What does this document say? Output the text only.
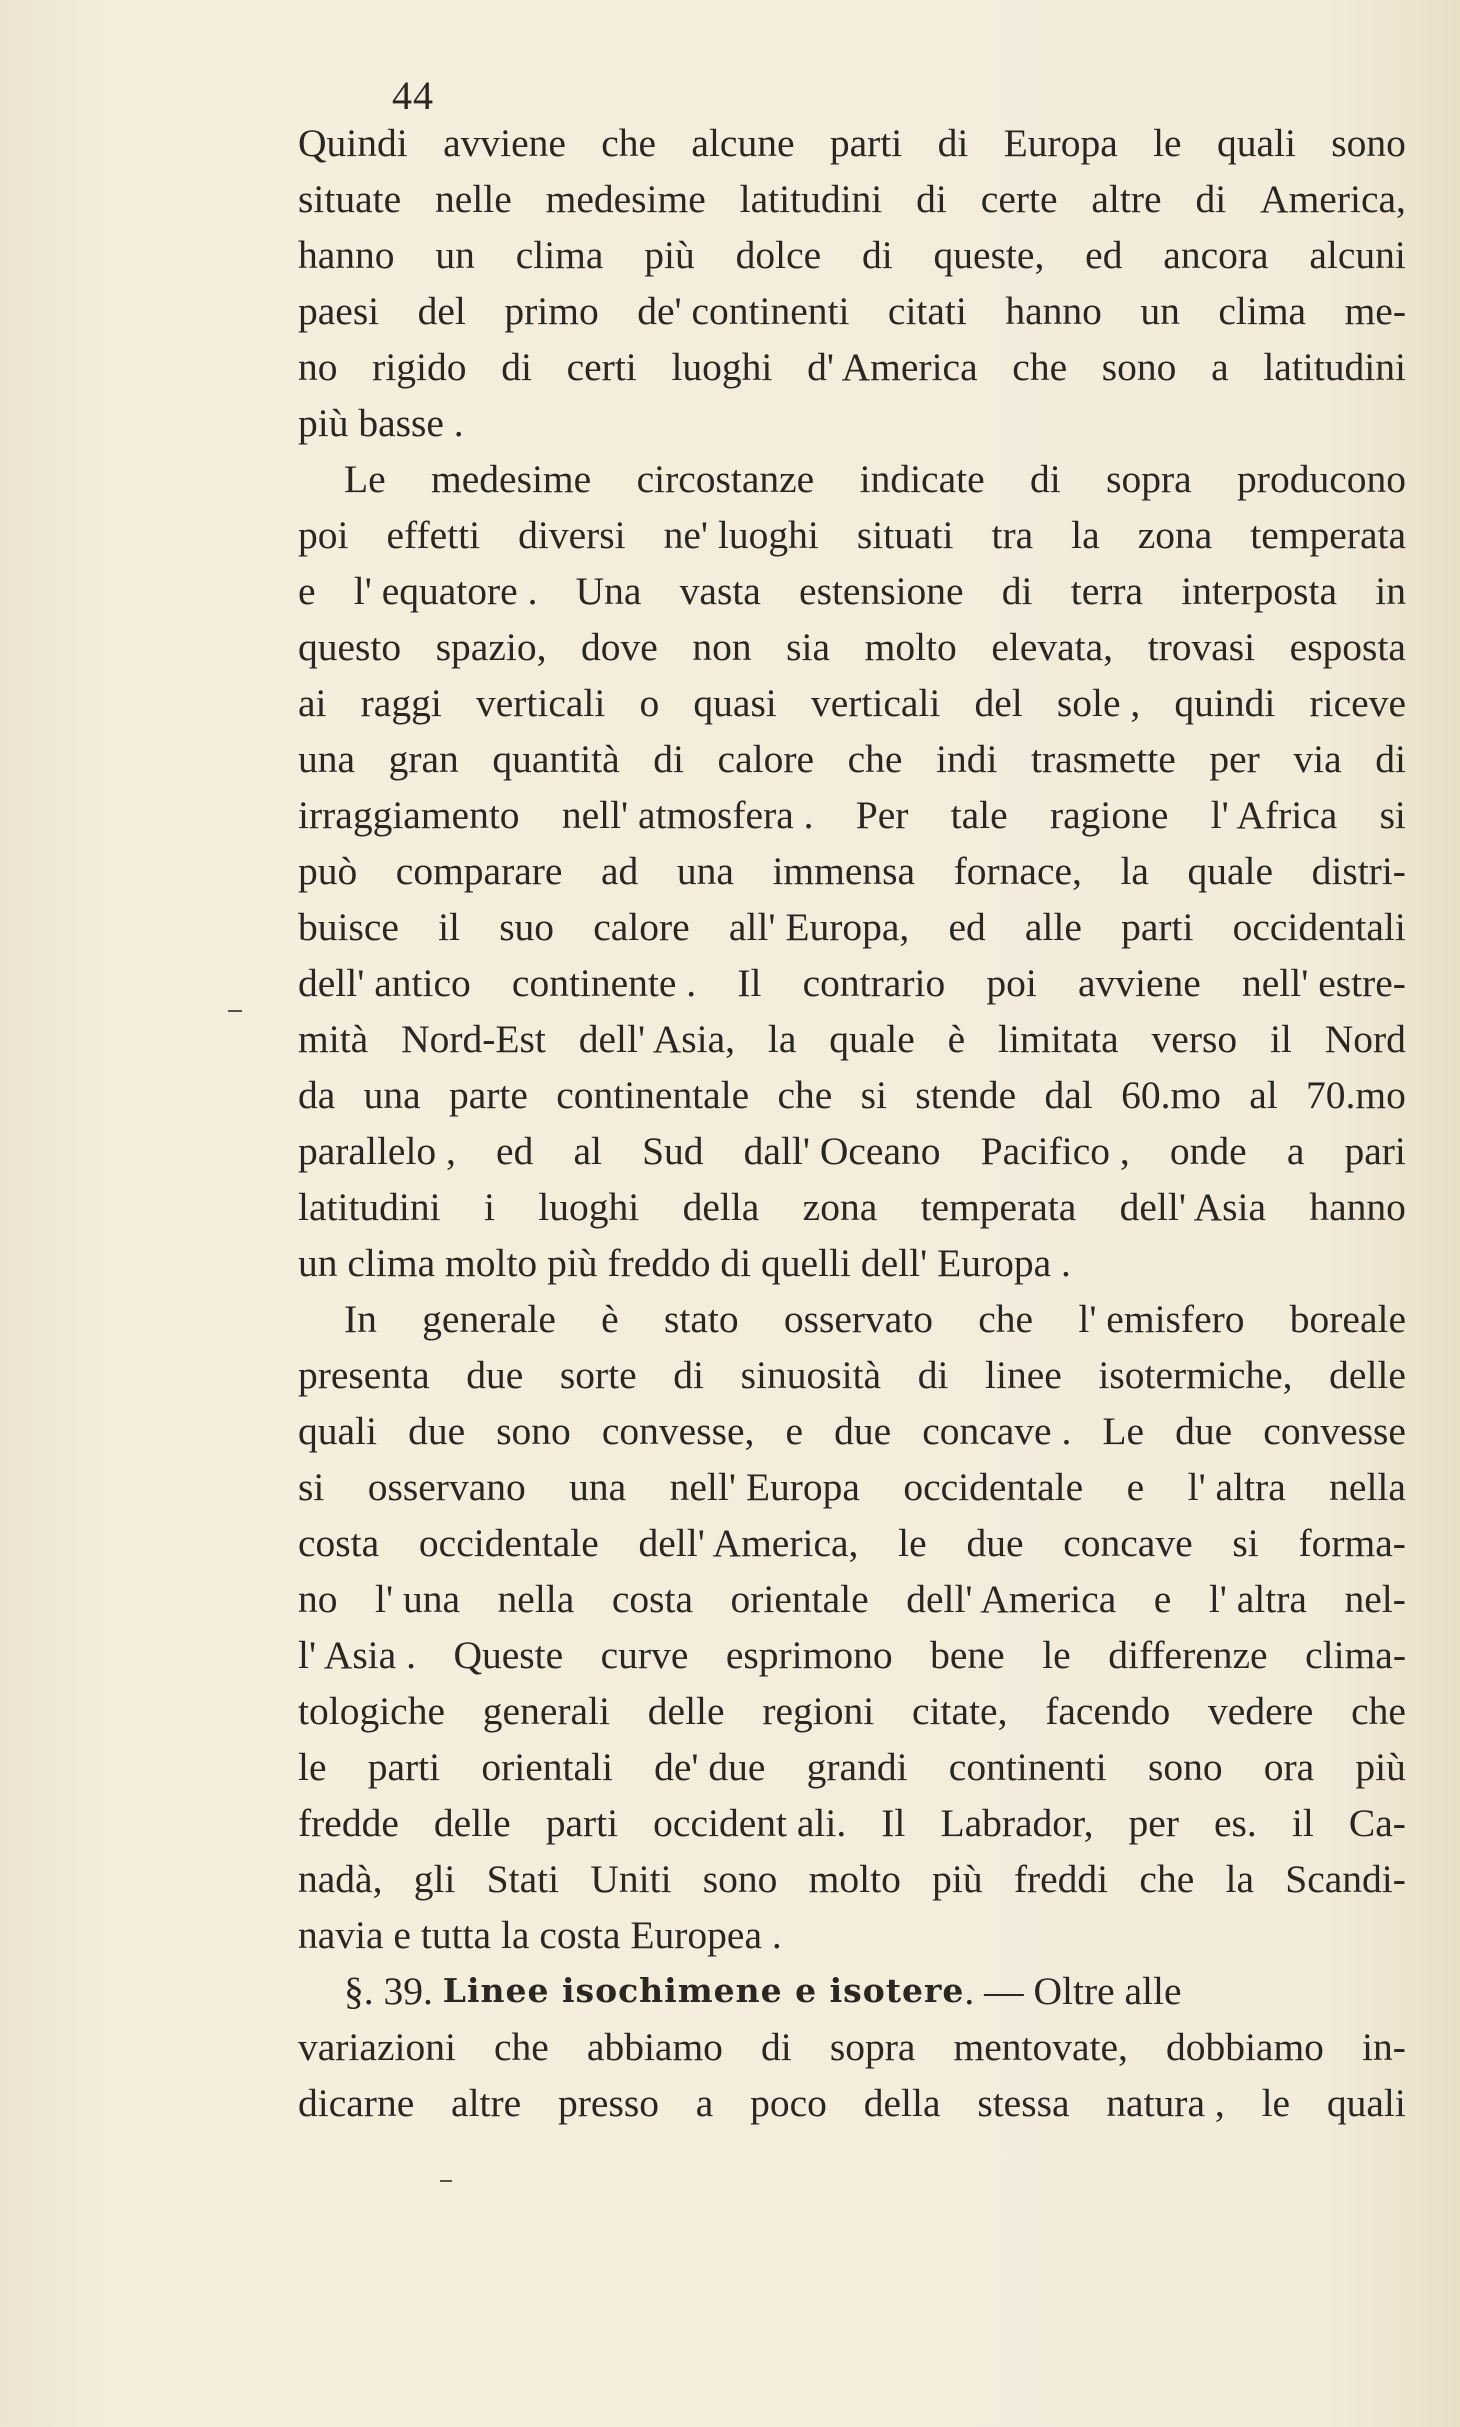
44
Quindi avviene che alcune parti di Europa le quali sono
situate nelle medesime latitudini di certe altre di America,
hanno un clima più dolce di queste, ed ancora alcuni
paesi del primo de' continenti citati hanno un clima me-
no rigido di certi luoghi d' America che sono a latitudini
più basse .
Le medesime circostanze indicate di sopra producono
poi effetti diversi ne' luoghi situati tra la zona temperata
e l' equatore . Una vasta estensione di terra interposta in
questo spazio, dove non sia molto elevata, trovasi esposta
ai raggi verticali o quasi verticali del sole , quindi riceve
una gran quantità di calore che indi trasmette per via di
irraggiamento nell' atmosfera . Per tale ragione l' Africa si
può comparare ad una immensa fornace, la quale distri-
buisce il suo calore all' Europa, ed alle parti occidentali
dell' antico continente . Il contrario poi avviene nell' estre-
mità Nord-Est dell' Asia, la quale è limitata verso il Nord
da una parte continentale che si stende dal 60.mo al 70.mo
parallelo , ed al Sud dall' Oceano Pacifico , onde a pari
latitudini i luoghi della zona temperata dell' Asia hanno
un
clima
molto
più
freddo
di
quelli
dell' Europa .
In generale è stato osservato che l' emisfero boreale
presenta due sorte di sinuosità di linee isotermiche, delle
quali due sono convesse, e due concave . Le due convesse
si osservano una nell' Europa occidentale e l' altra nella
costa occidentale dell' America, le due concave si forma-
no l' una nella costa orientale dell' America e l' altra nel-
l' Asia . Queste curve esprimono bene le differenze clima-
tologiche generali delle regioni citate, facendo vedere che
le parti orientali de' due grandi continenti sono ora più
fredde delle parti occident ali. Il Labrador, per es. il Ca-
nadà, gli Stati Uniti sono molto più freddi che la Scandi-
navia
e
tutta
la
costa
Europea .
§. 39. Linee isochimene e isotere . — Oltre alle
variazioni che abbiamo di sopra mentovate, dobbiamo in-
dicarne altre presso a poco della stessa natura , le quali
